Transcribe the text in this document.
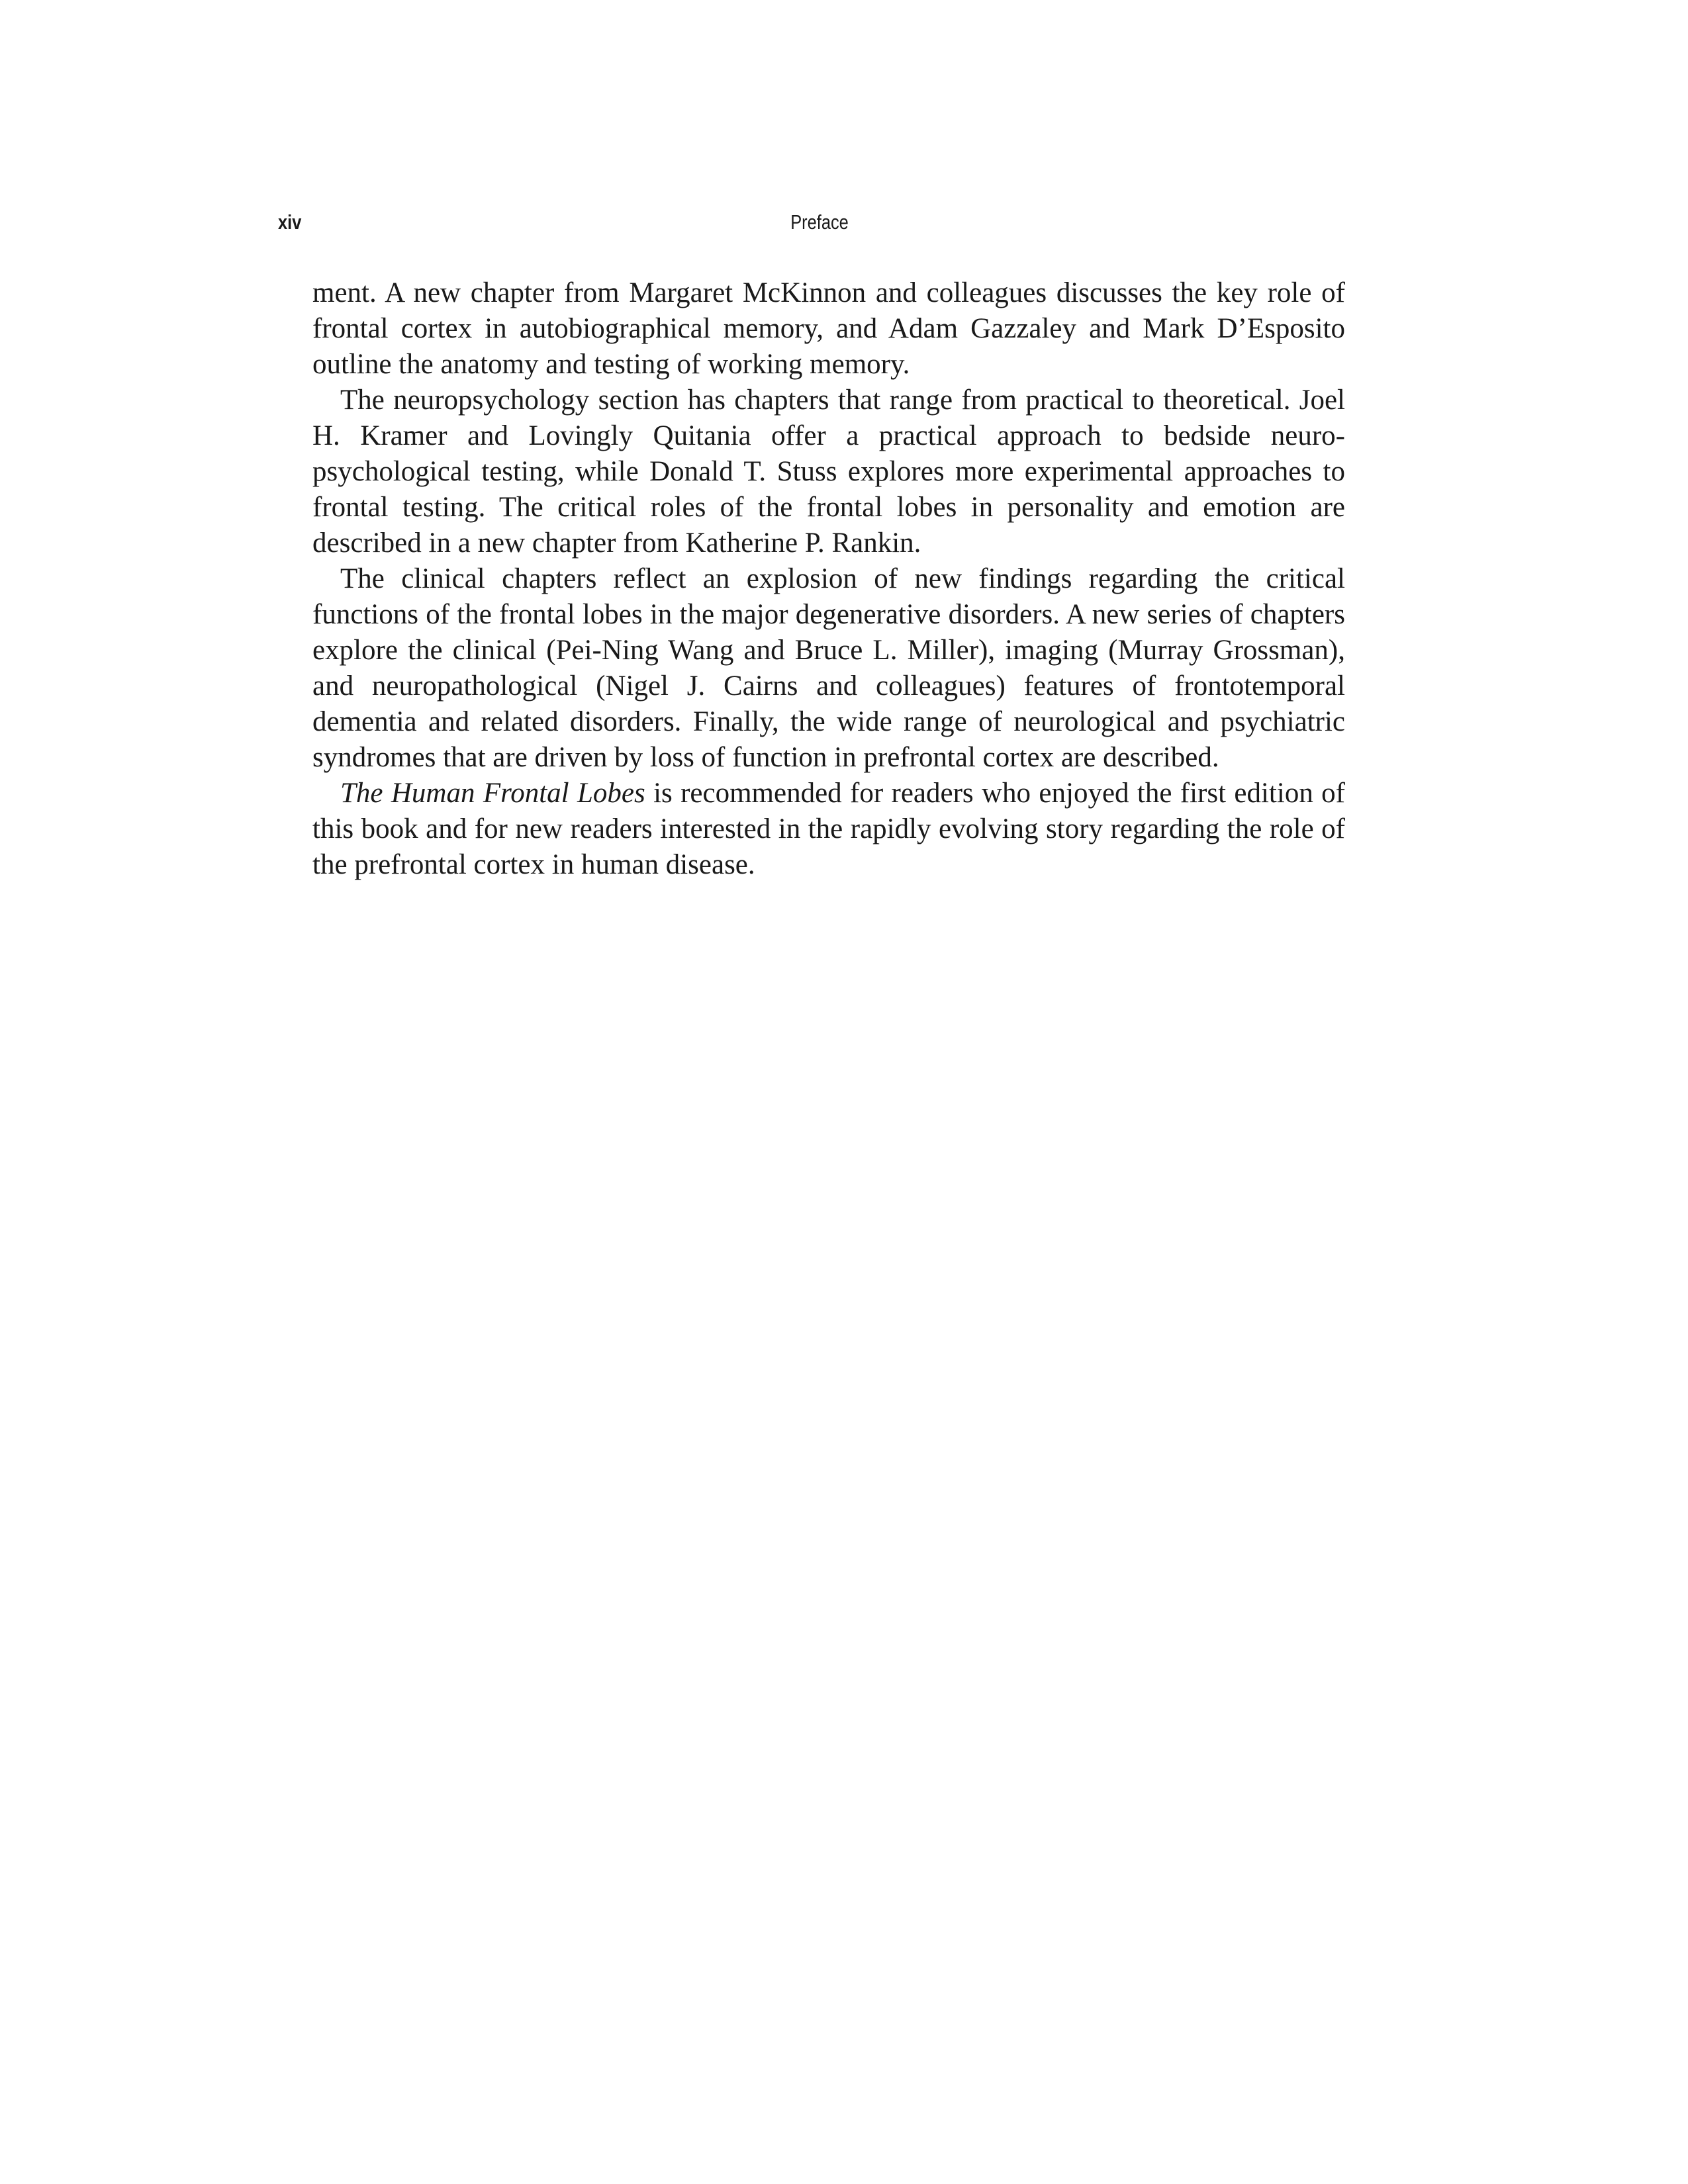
xiv	Preface

ment. A new chapter from Margaret McKinnon and colleagues discusses the key role of frontal cortex in autobiographical memory, and Adam Gazzaley and Mark D’Esposito outline the anatomy and testing of working memory.

The neuropsychology section has chapters that range from practical to theoretical. Joel H. Kramer and Lovingly Quitania offer a practical approach to bedside neuropsychological testing, while Donald T. Stuss explores more experimental approaches to frontal testing. The critical roles of the frontal lobes in personality and emotion are described in a new chapter from Katherine P. Rankin.

The clinical chapters reflect an explosion of new findings regarding the critical functions of the frontal lobes in the major degenerative disorders. A new series of chapters explore the clinical (Pei-Ning Wang and Bruce L. Miller), imaging (Murray Grossman), and neuropathological (Nigel J. Cairns and colleagues) features of frontotemporal dementia and related disorders. Finally, the wide range of neurological and psychiatric syndromes that are driven by loss of function in prefrontal cortex are described.

The Human Frontal Lobes is recommended for readers who enjoyed the first edition of this book and for new readers interested in the rapidly evolving story regarding the role of the prefrontal cortex in human disease.
